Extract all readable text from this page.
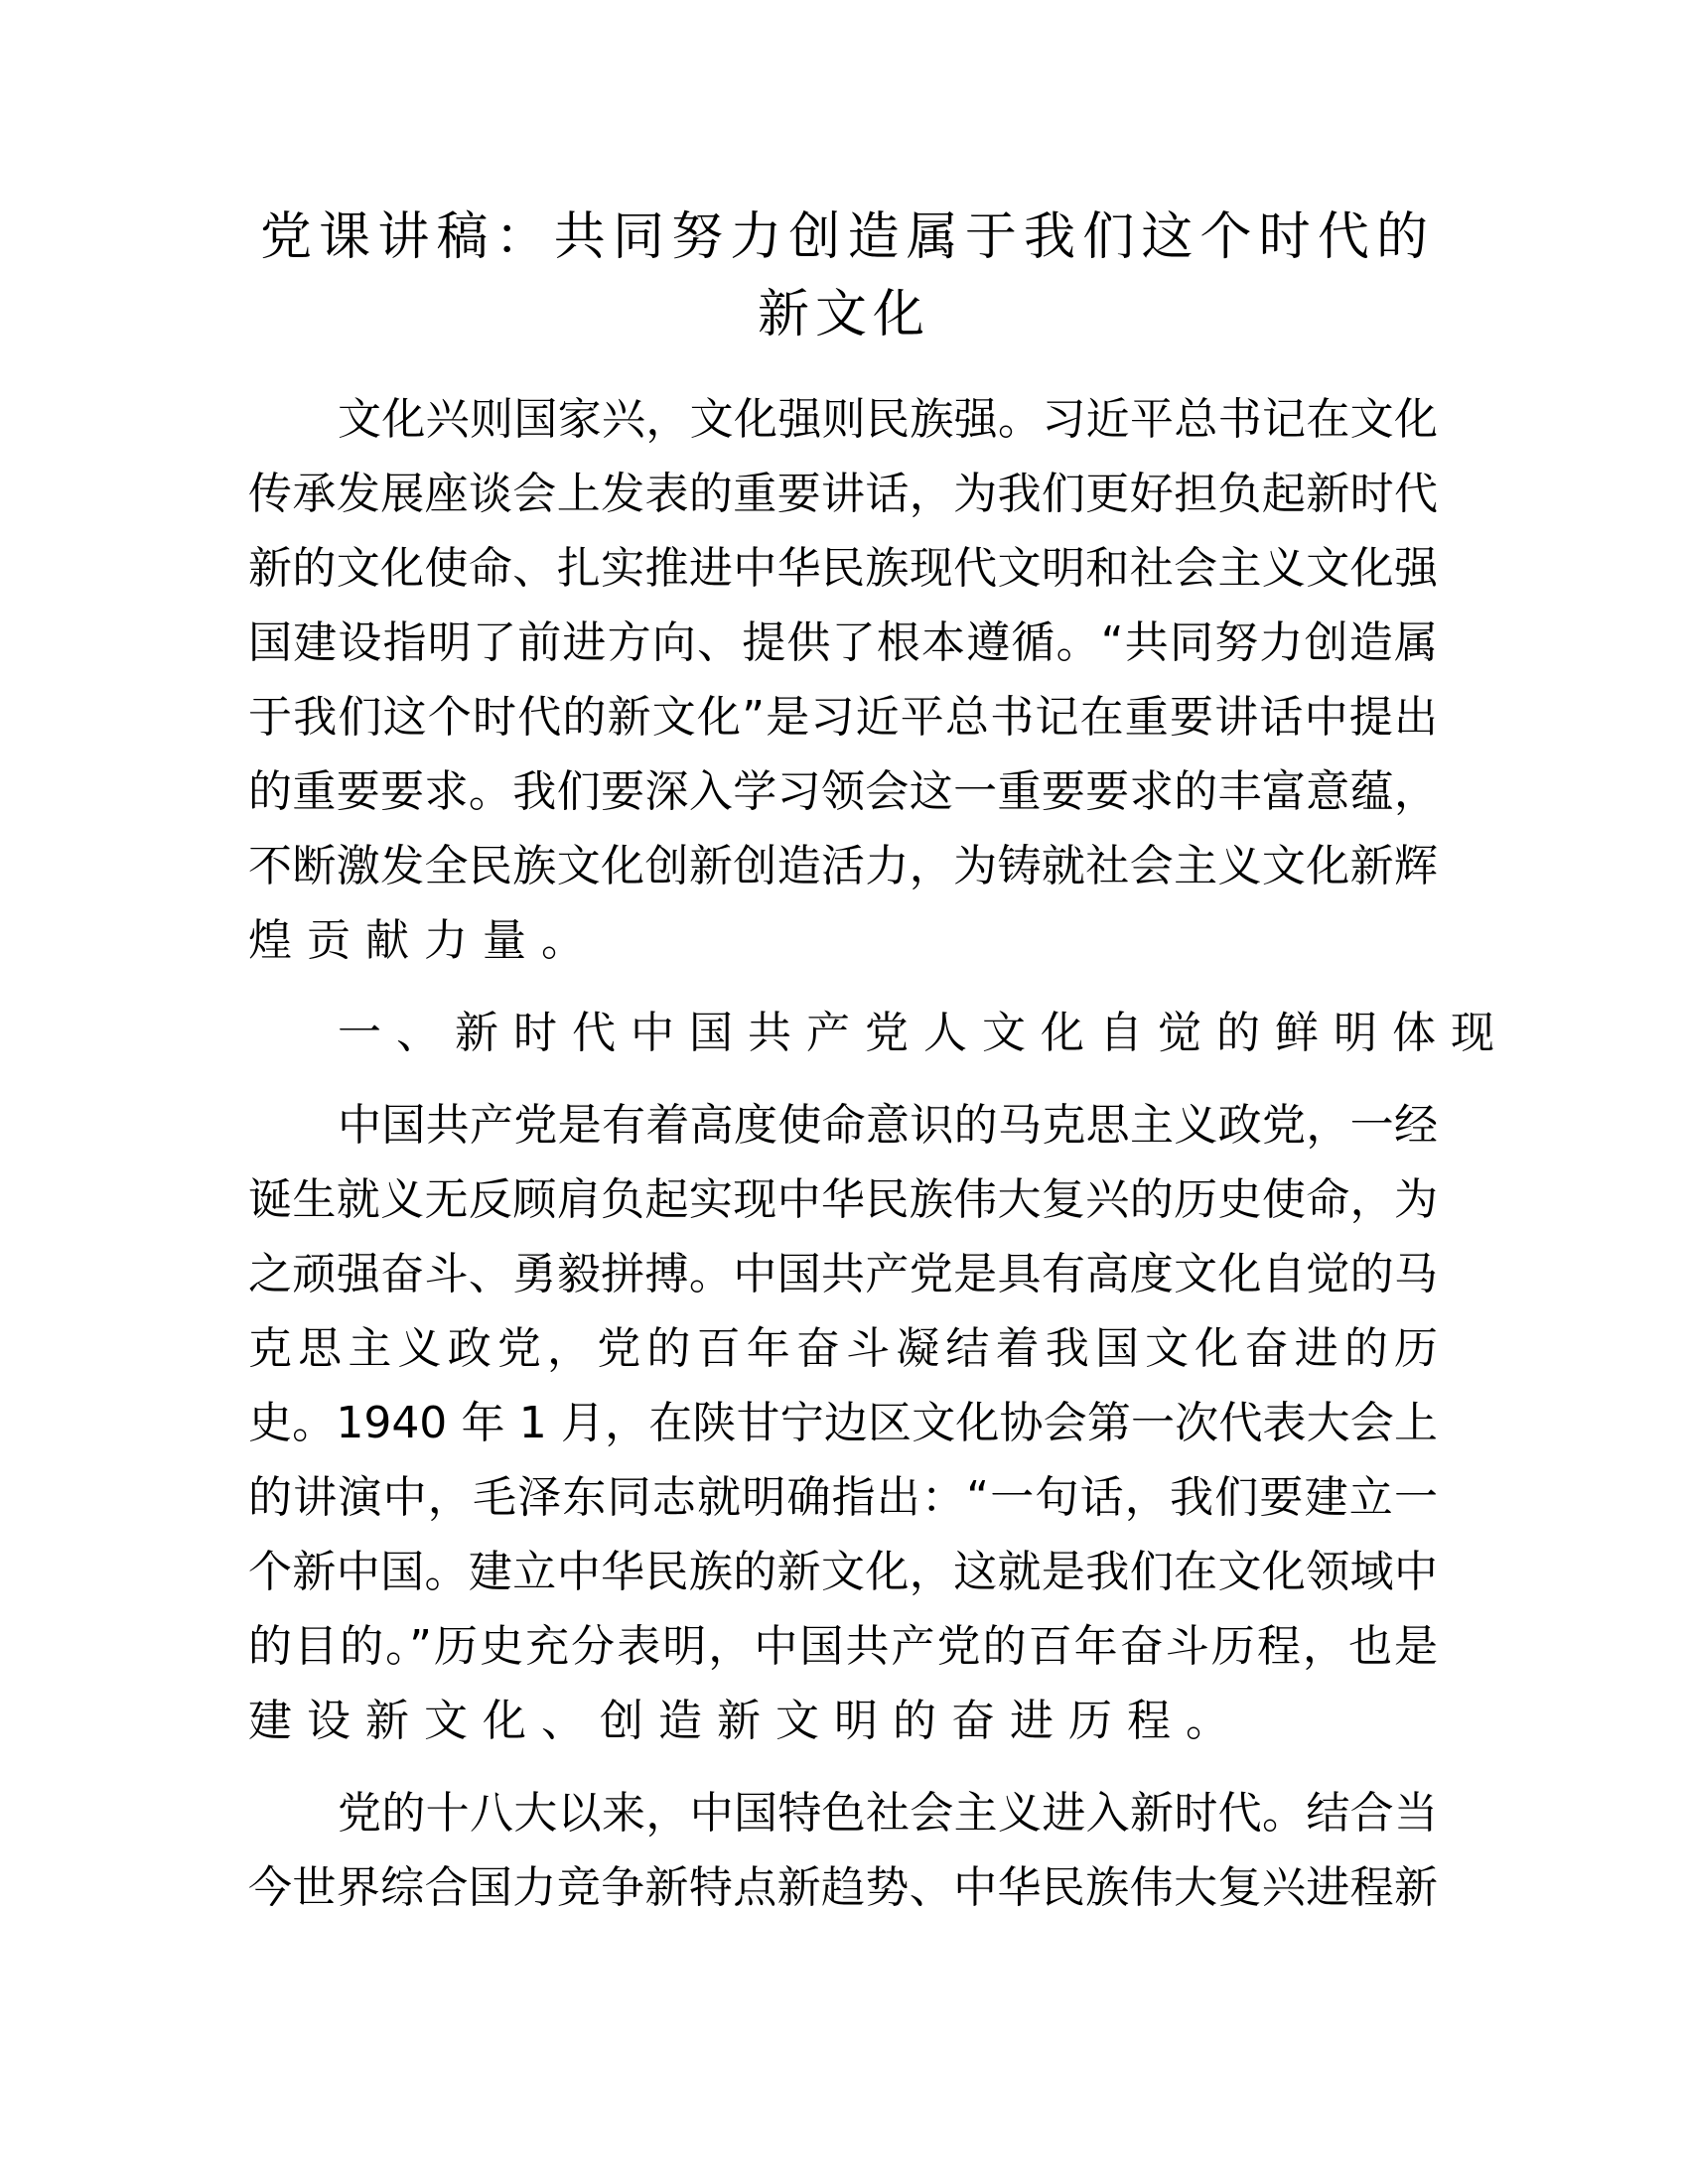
党课讲稿：共同努力创造属于我们这个时代的
新文化
文化兴则国家兴，文化强则民族强。习近平总书记在文化
传承发展座谈会上发表的重要讲话，为我们更好担负起新时代
新的文化使命、扎实推进中华民族现代文明和社会主义文化强
国建设指明了前进方向、提供了根本遵循。“共同努力创造属
于我们这个时代的新文化”是习近平总书记在重要讲话中提出
的重要要求。我们要深入学习领会这一重要要求的丰富意蕴，
不断激发全民族文化创新创造活力，为铸就社会主义文化新辉
煌贡献力量。
一、新时代中国共产党人文化自觉的鲜明体现
中国共产党是有着高度使命意识的马克思主义政党，一经
诞生就义无反顾肩负起实现中华民族伟大复兴的历史使命，为
之顽强奋斗、勇毅拼搏。中国共产党是具有高度文化自觉的马
克思主义政党，党的百年奋斗凝结着我国文化奋进的历
史。1940 年 1 月，在陕甘宁边区文化协会第一次代表大会上
的讲演中，毛泽东同志就明确指出：“一句话，我们要建立一
个新中国。建立中华民族的新文化，这就是我们在文化领域中
的目的。”历史充分表明，中国共产党的百年奋斗历程，也是
建设新文化、创造新文明的奋进历程。
党的十八大以来，中国特色社会主义进入新时代。结合当
今世界综合国力竞争新特点新趋势、中华民族伟大复兴进程新
